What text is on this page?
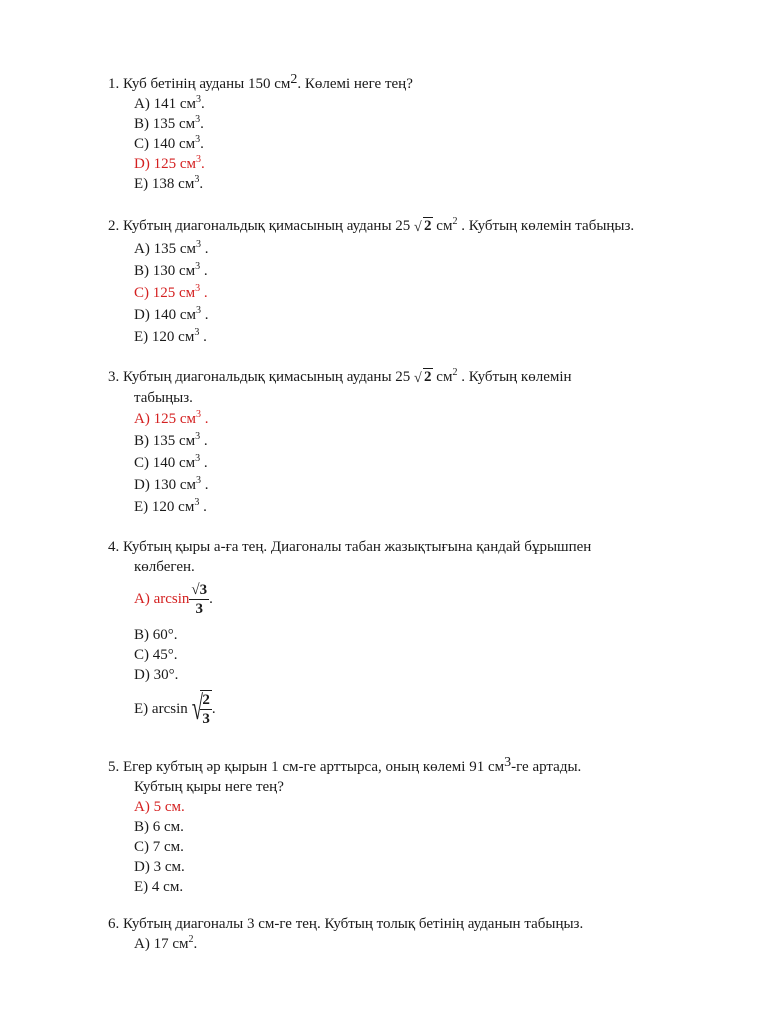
1. Куб бетінің ауданы 150 $см^2$. Көлемі неге тең?
A) 141 $см^3$.
B) 135 $см^3$.
C) 140 $см^3$.
D) 125 $см^3$.
E) 138 $см^3$.
2. Кубтың диагональдық қимасының ауданы 25 √ 2 $см^2$ . Кубтың көлемін табыңыз.
A) 135 $см^3$ .
B) 130 $см^3$ .
C) 125 $см^3$ .
D) 140 $см^3$ .
E) 120 $см^3$ .
3. Кубтың диагональдық қимасының ауданы 25 √ 2 $см^2$ . Кубтың көлемін
табыңыз.
A) 125 $см^3$ .
B) 135 $см^3$ .
C) 140 $см^3$ .
D) 130 $см^3$ .
E) 120 $см^3$ .
4. Кубтың қыры а-ға тең. Диагоналы табан жазықтығына қандай бұрышпен
көлбеген.
A ) $\arcsin \frac{√3}{3}$ .
B) 60°.
C) 45°.
D) 30°.
E ) arcsin √
$\frac{2}{3}$ .
5. Егер кубтың әр қырын 1 см-ге арттырса, оның көлемі 91 $см^3-ге$ артады.
Кубтың қыры неге тең?
A) 5 см.
B) 6 см.
C) 7 см.
D) 3 см.
E) 4 см.
6. Кубтың диагоналы 3 см-ге тең. Кубтың толық бетінің ауданын табыңыз.
A) 17 $см^2$.
